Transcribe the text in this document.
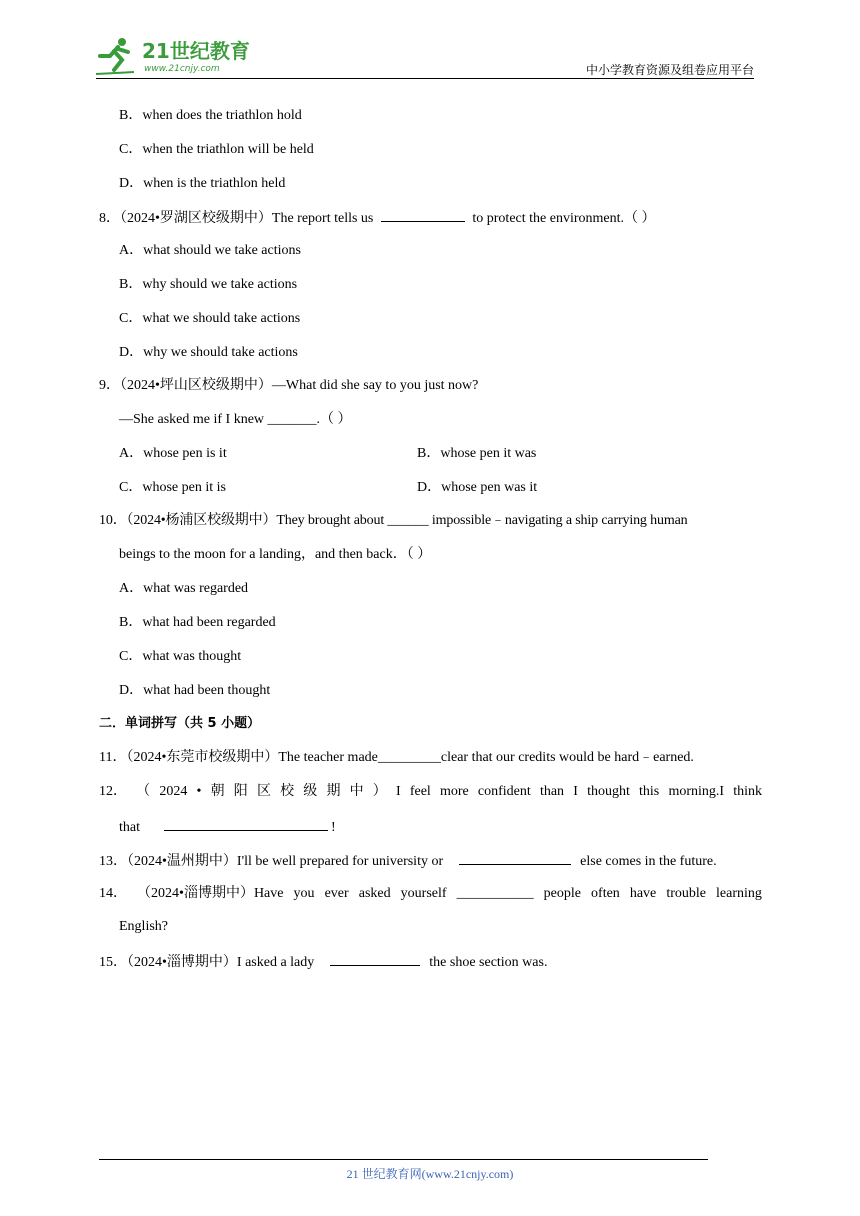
21世纪教育
www.21cnjy.com	中小学教育资源及组卷应用平台
B．when does the triathlon hold
C．when the triathlon will be held
D．when is the triathlon held
8．（2024•罗湖区校级期中）The report tells us	to protect the environment.（ ）
A．what should we take actions
B．why should we take actions
C．what we should take actions
D．why we should take actions
9．（2024•坪山区校级期中）—What did she say to you just now?
—She asked me if I knew _______.（ ）
A．whose pen is it	B．whose pen it was
C．whose pen it is	D．whose pen was it
10．（2024•杨浦区校级期中）They brought about ______ impossible﹣navigating a ship carrying human
beings to the moon for a landing，and then back．（ ）
A．what was regarded
B．what had been regarded
C．what was thought
D．what had been thought
二．单词拼写（共 5 小题）
11．（2024•东莞市校级期中）The teacher made_________clear that our credits would be hard﹣earned.
12． （ 2024 • 朝 阳 区 校 级 期 中 ） I feel more confident than I thought this morning.I think
that	!
13．（2024•温州期中）I'll be well prepared for university or	else comes in the future.
14． （2024•淄博期中）Have you ever asked yourself ___________ people often have trouble learning
English?
15．（2024•淄博期中）I asked a lady	the shoe section was.
21 世纪教育网(www.21cnjy.com)
